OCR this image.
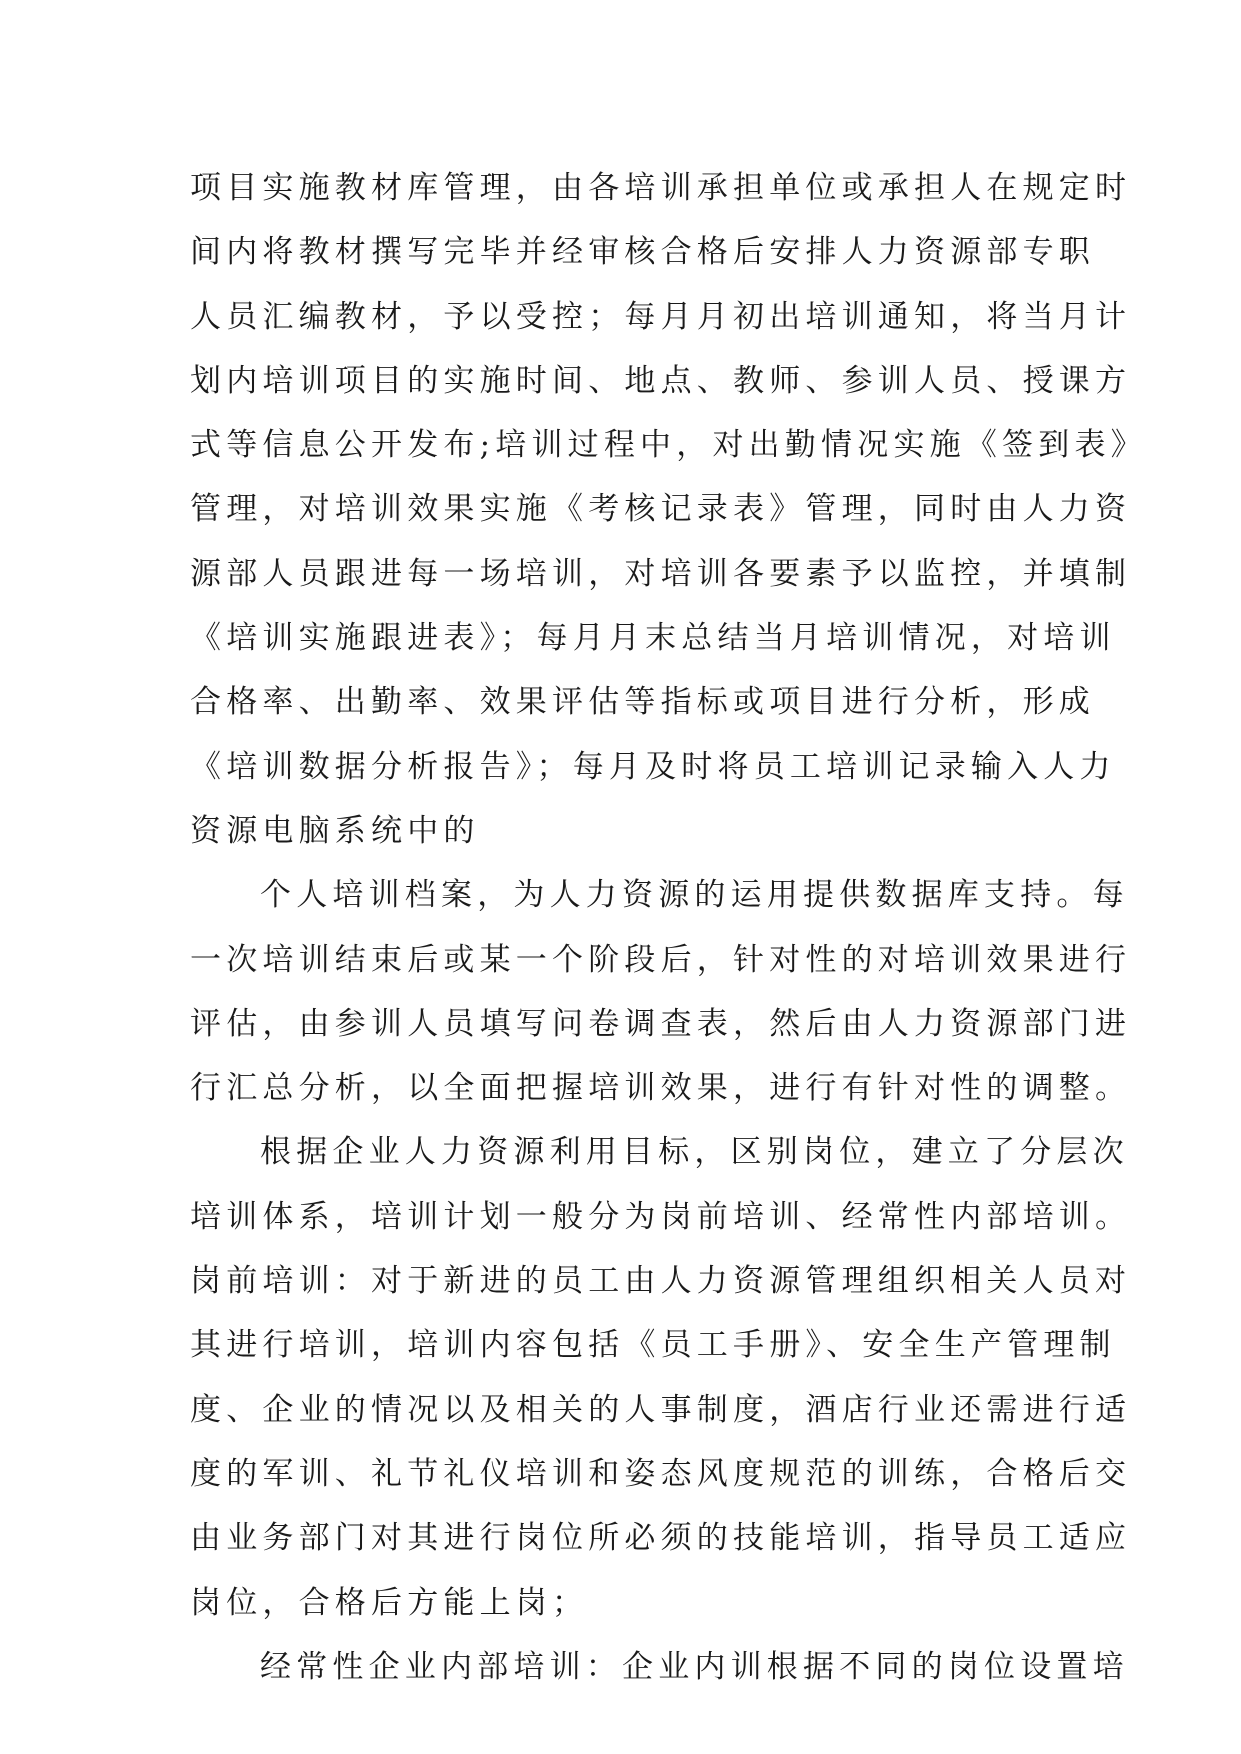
项目实施教材库管理，由各培训承担单位或承担人在规定时
间内将教材撰写完毕并经审核合格后安排人力资源部专职
人员汇编教材，予以受控；每月月初出培训通知，将当月计
划内培训项目的实施时间、地点、教师、参训人员、授课方
式等信息公开发布;培训过程中，对出勤情况实施《签到表》
管理，对培训效果实施《考核记录表》管理，同时由人力资
源部人员跟进每一场培训，对培训各要素予以监控，并填制
《培训实施跟进表》；每月月末总结当月培训情况，对培训
合格率、出勤率、效果评估等指标或项目进行分析，形成
《培训数据分析报告》；每月及时将员工培训记录输入人力
资源电脑系统中的
个人培训档案，为人力资源的运用提供数据库支持。每
一次培训结束后或某一个阶段后，针对性的对培训效果进行
评估，由参训人员填写问卷调查表，然后由人力资源部门进
行汇总分析，以全面把握培训效果，进行有针对性的调整。
根据企业人力资源利用目标，区别岗位，建立了分层次
培训体系，培训计划一般分为岗前培训、经常性内部培训。
岗前培训：对于新进的员工由人力资源管理组织相关人员对
其进行培训，培训内容包括《员工手册》、安全生产管理制
度、企业的情况以及相关的人事制度，酒店行业还需进行适
度的军训、礼节礼仪培训和姿态风度规范的训练，合格后交
由业务部门对其进行岗位所必须的技能培训，指导员工适应
岗位，合格后方能上岗；
经常性企业内部培训：企业内训根据不同的岗位设置培
